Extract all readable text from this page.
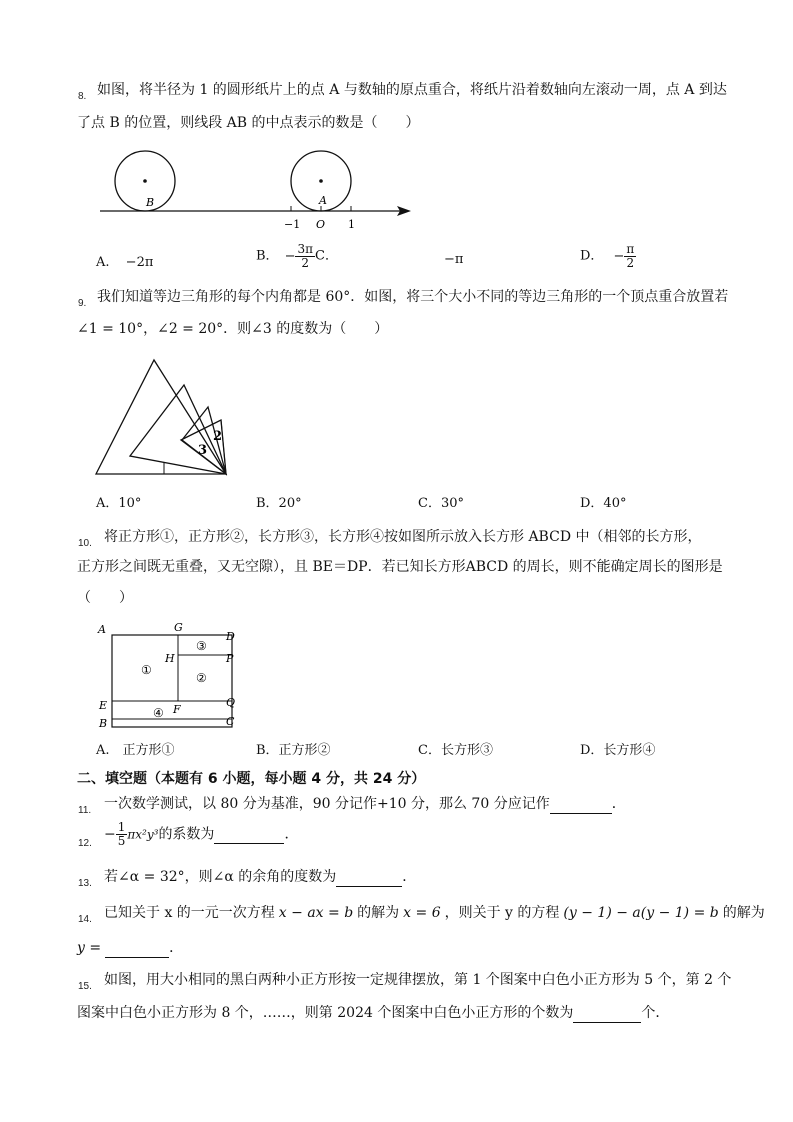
8. 如图，将半径为 1 的圆形纸片上的点 A 与数轴的原点重合，将纸片沿着数轴向左滚动一周，点 A 到达
了点 B 的位置，则线段 AB 的中点表示的数是（　　）
B	A
−1 O 1
A. −2π	B． − $\frac{3\pi}{2}$ C．	−π	D． − $\frac{\pi}{2}$
9. 我们知道等边三角形的每个内角都是 60°．如图，将三个大小不同的等边三角形的一个顶点重合放置若
∠1 = 10°，∠2 = 20°．则∠3 的度数为（　　）
2
3
A．10°	B．20°	C．30°	D．40°
10. 将正方形①，正方形②，长方形③，长方形④按如图所示放入长方形 ABCD 中（相邻的长方形，
正方形之间既无重叠，又无空隙），且 BE＝DP．若已知长方形ABCD 的周长，则不能确定周长的图形是
（　　）
A	G
D
H	P
E	F
Q
B	C
①
②
③
④
A.　正方形①	B．正方形②	C．长方形③	D．长方形④
二、填空题（本题有 6 小题，每小题 4 分，共 24 分）
11. 一次数学测试，以 80 分为基准，90 分记作+10 分，那么 70 分应记作	．
12.
− $\frac{1}{5} \pi x^2y^3$的系数为	．
13. 若∠α = 32°，则∠α 的余角的度数为	．
14. 已知关于 x 的一元一次方程 x − ax = b 的解为 x = 6 ，则关于 y 的方程 (y − 1) − a(y − 1) = b 的解为
y =	．
15. 如图，用大小相同的黑白两种小正方形按一定规律摆放，第 1 个图案中白色小正方形为 5 个，第 2 个
图案中白色小正方形为 8 个，……，则第 2024 个图案中白色小正方形的个数为	个．
